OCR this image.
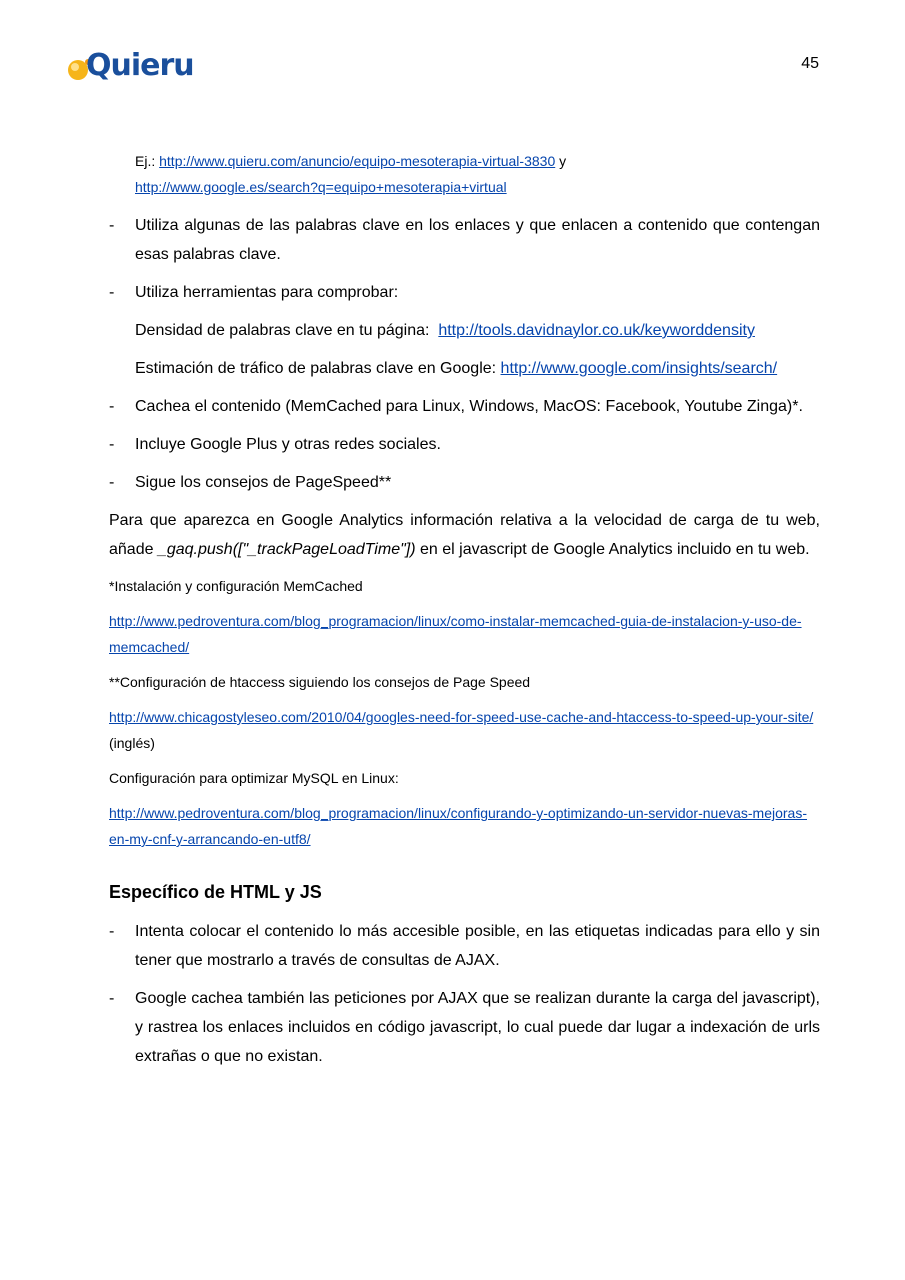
Quieru	45

Ej.: http://www.quieru.com/anuncio/equipo-mesoterapia-virtual-3830 y
http://www.google.es/search?q=equipo+mesoterapia+virtual

-	Utiliza algunas de las palabras clave en los enlaces y que enlacen a contenido que contengan esas palabras clave.
-	Utiliza herramientas para comprobar:

Densidad de palabras clave en tu página: http://tools.davidnaylor.co.uk/keyworddensity

Estimación de tráfico de palabras clave en Google: http://www.google.com/insights/search/

-	Cachea el contenido (MemCached para Linux, Windows, MacOS: Facebook, Youtube Zinga)*.
-	Incluye Google Plus y otras redes sociales.
-	Sigue los consejos de PageSpeed**

Para que aparezca en Google Analytics información relativa a la velocidad de carga de tu web, añade _gaq.push(["_trackPageLoadTime"]) en el javascript de Google Analytics incluido en tu web.

*Instalación y configuración MemCached

http://www.pedroventura.com/blog_programacion/linux/como-instalar-memcached-guia-de-instalacion-y-uso-de-memcached/

**Configuración de htaccess siguiendo los consejos de Page Speed

http://www.chicagostyleseo.com/2010/04/googles-need-for-speed-use-cache-and-htaccess-to-speed-up-your-site/ (inglés)

Configuración para optimizar MySQL en Linux:

http://www.pedroventura.com/blog_programacion/linux/configurando-y-optimizando-un-servidor-nuevas-mejoras-en-my-cnf-y-arrancando-en-utf8/

Específico de HTML y JS
-	Intenta colocar el contenido lo más accesible posible, en las etiquetas indicadas para ello y sin tener que mostrarlo a través de consultas de AJAX.
-	Google cachea también las peticiones por AJAX que se realizan durante la carga del javascript), y rastrea los enlaces incluidos en código javascript, lo cual puede dar lugar a indexación de urls extrañas o que no existan.
